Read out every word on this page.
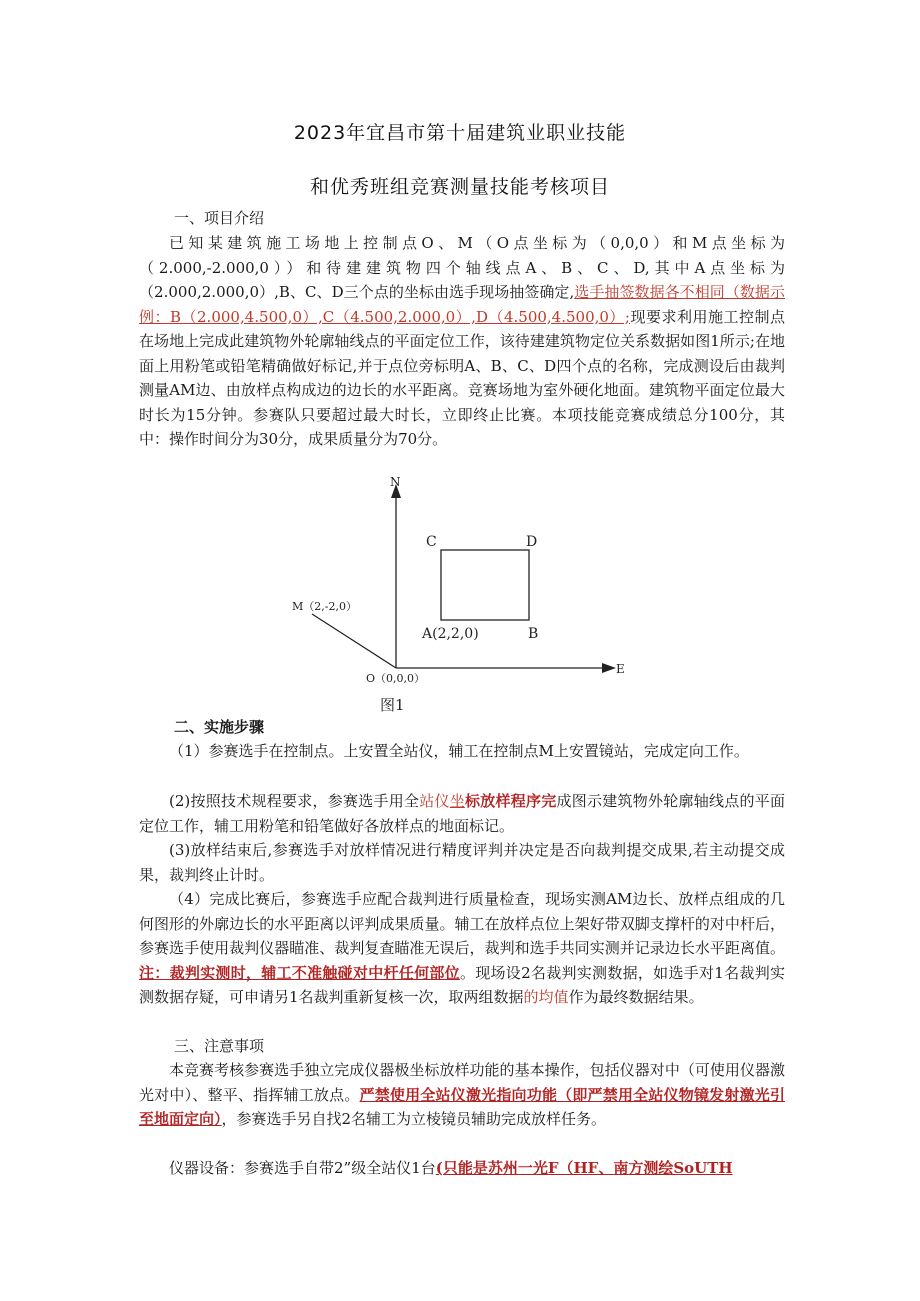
2023年宜昌市第十届建筑业职业技能
和优秀班组竞赛测量技能考核项目

一、项目介绍

已知某建筑施工场地上控制点O、M（O点坐标为（0,0,0）和M点坐标为（2.000,-2.000,0））和待建建筑物四个轴线点A、B、C、D,其中A点坐标为（2.000,2.000,0）,B、C、D三个点的坐标由选手现场抽签确定,选手抽签数据各不相同（数据示例：B（2.000,4.500,0）,C（4.500,2.000,0）,D（4.500,4.500,0）;现要求利用施工控制点在场地上完成此建筑物外轮廓轴线点的平面定位工作，该待建建筑物定位关系数据如图1所示;在地面上用粉笔或铅笔精确做好标记,并于点位旁标明A、B、C、D四个点的名称，完成测设后由裁判测量AM边、由放样点构成边的边长的水平距离。竞赛场地为室外硬化地面。建筑物平面定位最大时长为15分钟。参赛队只要超过最大时长，立即终止比赛。本项技能竞赛成绩总分100分，其中：操作时间分为30分，成果质量分为70分。

N
E
C	D
A(2,2,0)	B
M（2,-2,0）
O（0,0,0）
图1

二、实施步骤

（1）参赛选手在控制点。上安置全站仪，辅工在控制点M上安置镜站，完成定向工作。

(2)按照技术规程要求，参赛选手用全站仪坐标放样程序完成图示建筑物外轮廓轴线点的平面定位工作，辅工用粉笔和铅笔做好各放样点的地面标记。

(3)放样结束后,参赛选手对放样情况进行精度评判并决定是否向裁判提交成果,若主动提交成果，裁判终止计时。

（4）完成比赛后，参赛选手应配合裁判进行质量检查，现场实测AM边长、放样点组成的几何图形的外廓边长的水平距离以评判成果质量。辅工在放样点位上架好带双脚支撑杆的对中杆后，参赛选手使用裁判仪器瞄准、裁判复查瞄准无误后，裁判和选手共同实测并记录边长水平距离值。注：裁判实测时，辅工不准触碰对中杆任何部位。现场设2名裁判实测数据，如选手对1名裁判实测数据存疑，可申请另1名裁判重新复核一次，取两组数据的均值作为最终数据结果。

三、注意事项

本竞赛考核参赛选手独立完成仪器极坐标放样功能的基本操作，包括仪器对中（可使用仪器激光对中）、整平、指挥辅工放点。严禁使用全站仪激光指向功能（即严禁用全站仪物镜发射激光引至地面定向），参赛选手另自找2名辅工为立棱镜员辅助完成放样任务。

仪器设备：参赛选手自带2”级全站仪1台(只能是苏州一光F（HF、南方测绘SoUTH
